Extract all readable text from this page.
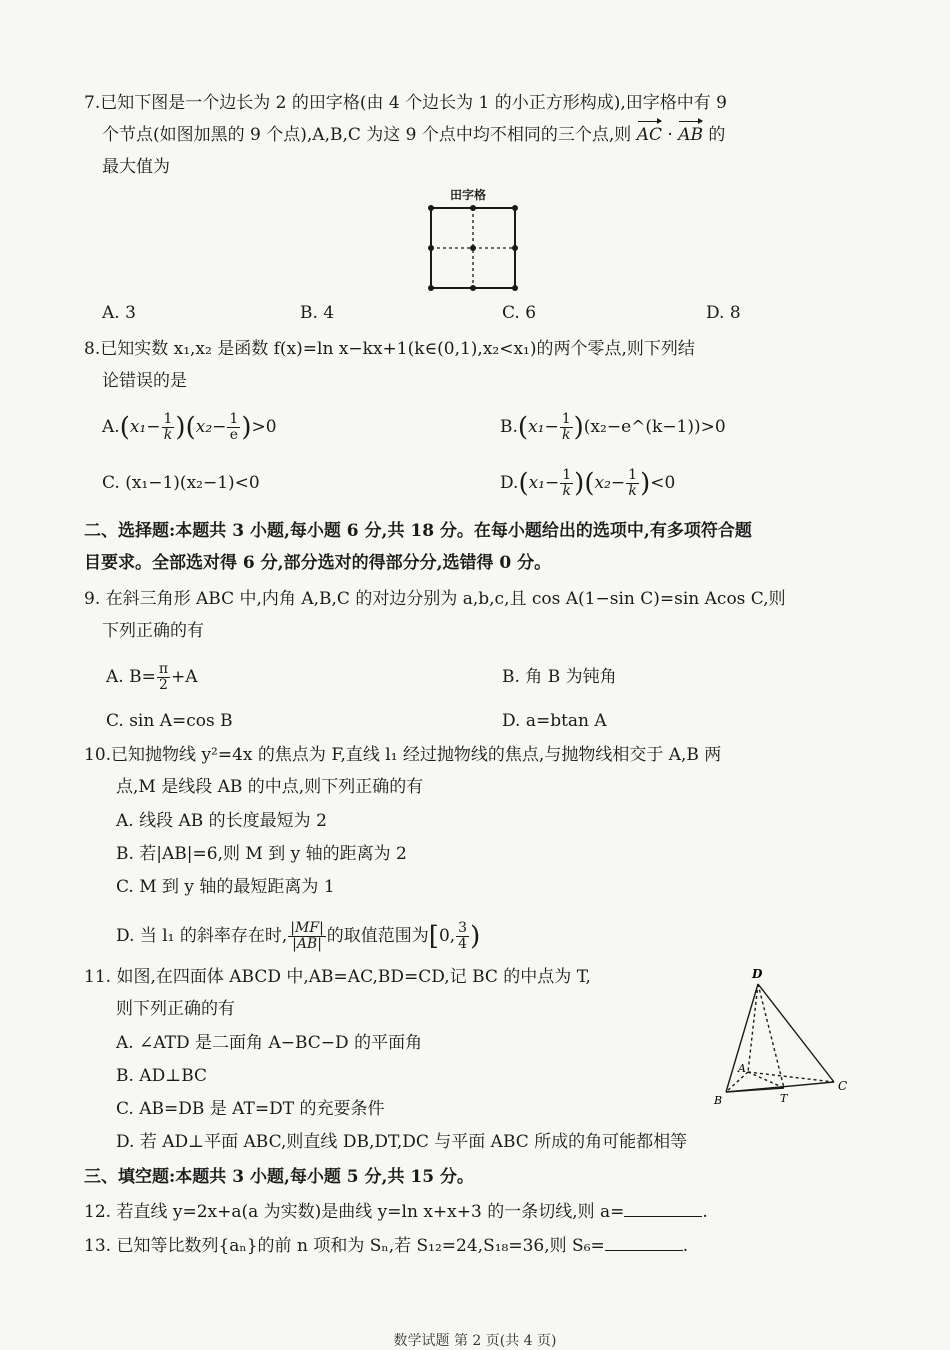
7.已知下图是一个边长为 2 的田字格(由 4 个边长为 1 的小正方形构成),田字格中有 9
个节点(如图加黑的 9 个点),A,B,C 为这 9 个点中均不相同的三个点,则 AC · AB 的
最大值为
田字格
A. 3	B. 4	C. 6	D. 8
8.已知实数 x₁,x₂ 是函数 f(x)=ln x−kx+1(k∈(0,1),x₂<x₁)的两个零点,则下列结
论错误的是
$A.(x_1- \frac{1}{k} )(x_2- \frac{1}{e} )>0$	$B.(x_1- \frac{1}{k}$ )(x₂−e^(k−1))>0
C. (x₁−1)(x₂−1)<0	$D.(x_1- \frac{1}{k} )(x_2- \frac{1}{k} )<0$
二、选择题:本题共 3 小题,每小题 6 分,共 18 分。在每小题给出的选项中,有多项符合题
目要求。全部选对得 6 分,部分选对的得部分分,选错得 0 分。
9. 在斜三角形 ABC 中,内角 A,B,C 的对边分别为 a,b,c,且 cos A(1−sin C)=sin Acos C,则
下列正确的有
A. $B= \frac{\pi}{2} +A$	B. 角 B 为钝角
C. sin A=cos B	D. a=btan A
10.已知抛物线 y²=4x 的焦点为 F,直线 l₁ 经过抛物线的焦点,与抛物线相交于 A,B 两
点,M 是线段 AB 的中点,则下列正确的有
A. 线段 AB 的长度最短为 2
B. 若|AB|=6,则 M 到 y 轴的距离为 2
C. M 到 y 轴的最短距离为 1
D. 当 l₁ 的斜率存在时, $\frac{|MF|}{|AB|}$ 的取值范围为[0, $\frac{3}{4}$ )
11. 如图,在四面体 ABCD 中,AB=AC,BD=CD,记 BC 的中点为 T,
则下列正确的有
A. ∠ATD 是二面角 A−BC−D 的平面角
B. AD⊥BC
C. AB=DB 是 AT=DT 的充要条件
D. 若 AD⊥平面 ABC,则直线 DB,DT,DC 与平面 ABC 所成的角可能都相等
D
A
B	T
C
三、填空题:本题共 3 小题,每小题 5 分,共 15 分。
12. 若直线 y=2x+a(a 为实数)是曲线 y=ln x+x+3 的一条切线,则 a=	.
13. 已知等比数列{aₙ}的前 n 项和为 Sₙ,若 S₁₂=24,S₁₈=36,则 S₆=	.
数学试题 第 2 页(共 4 页)
